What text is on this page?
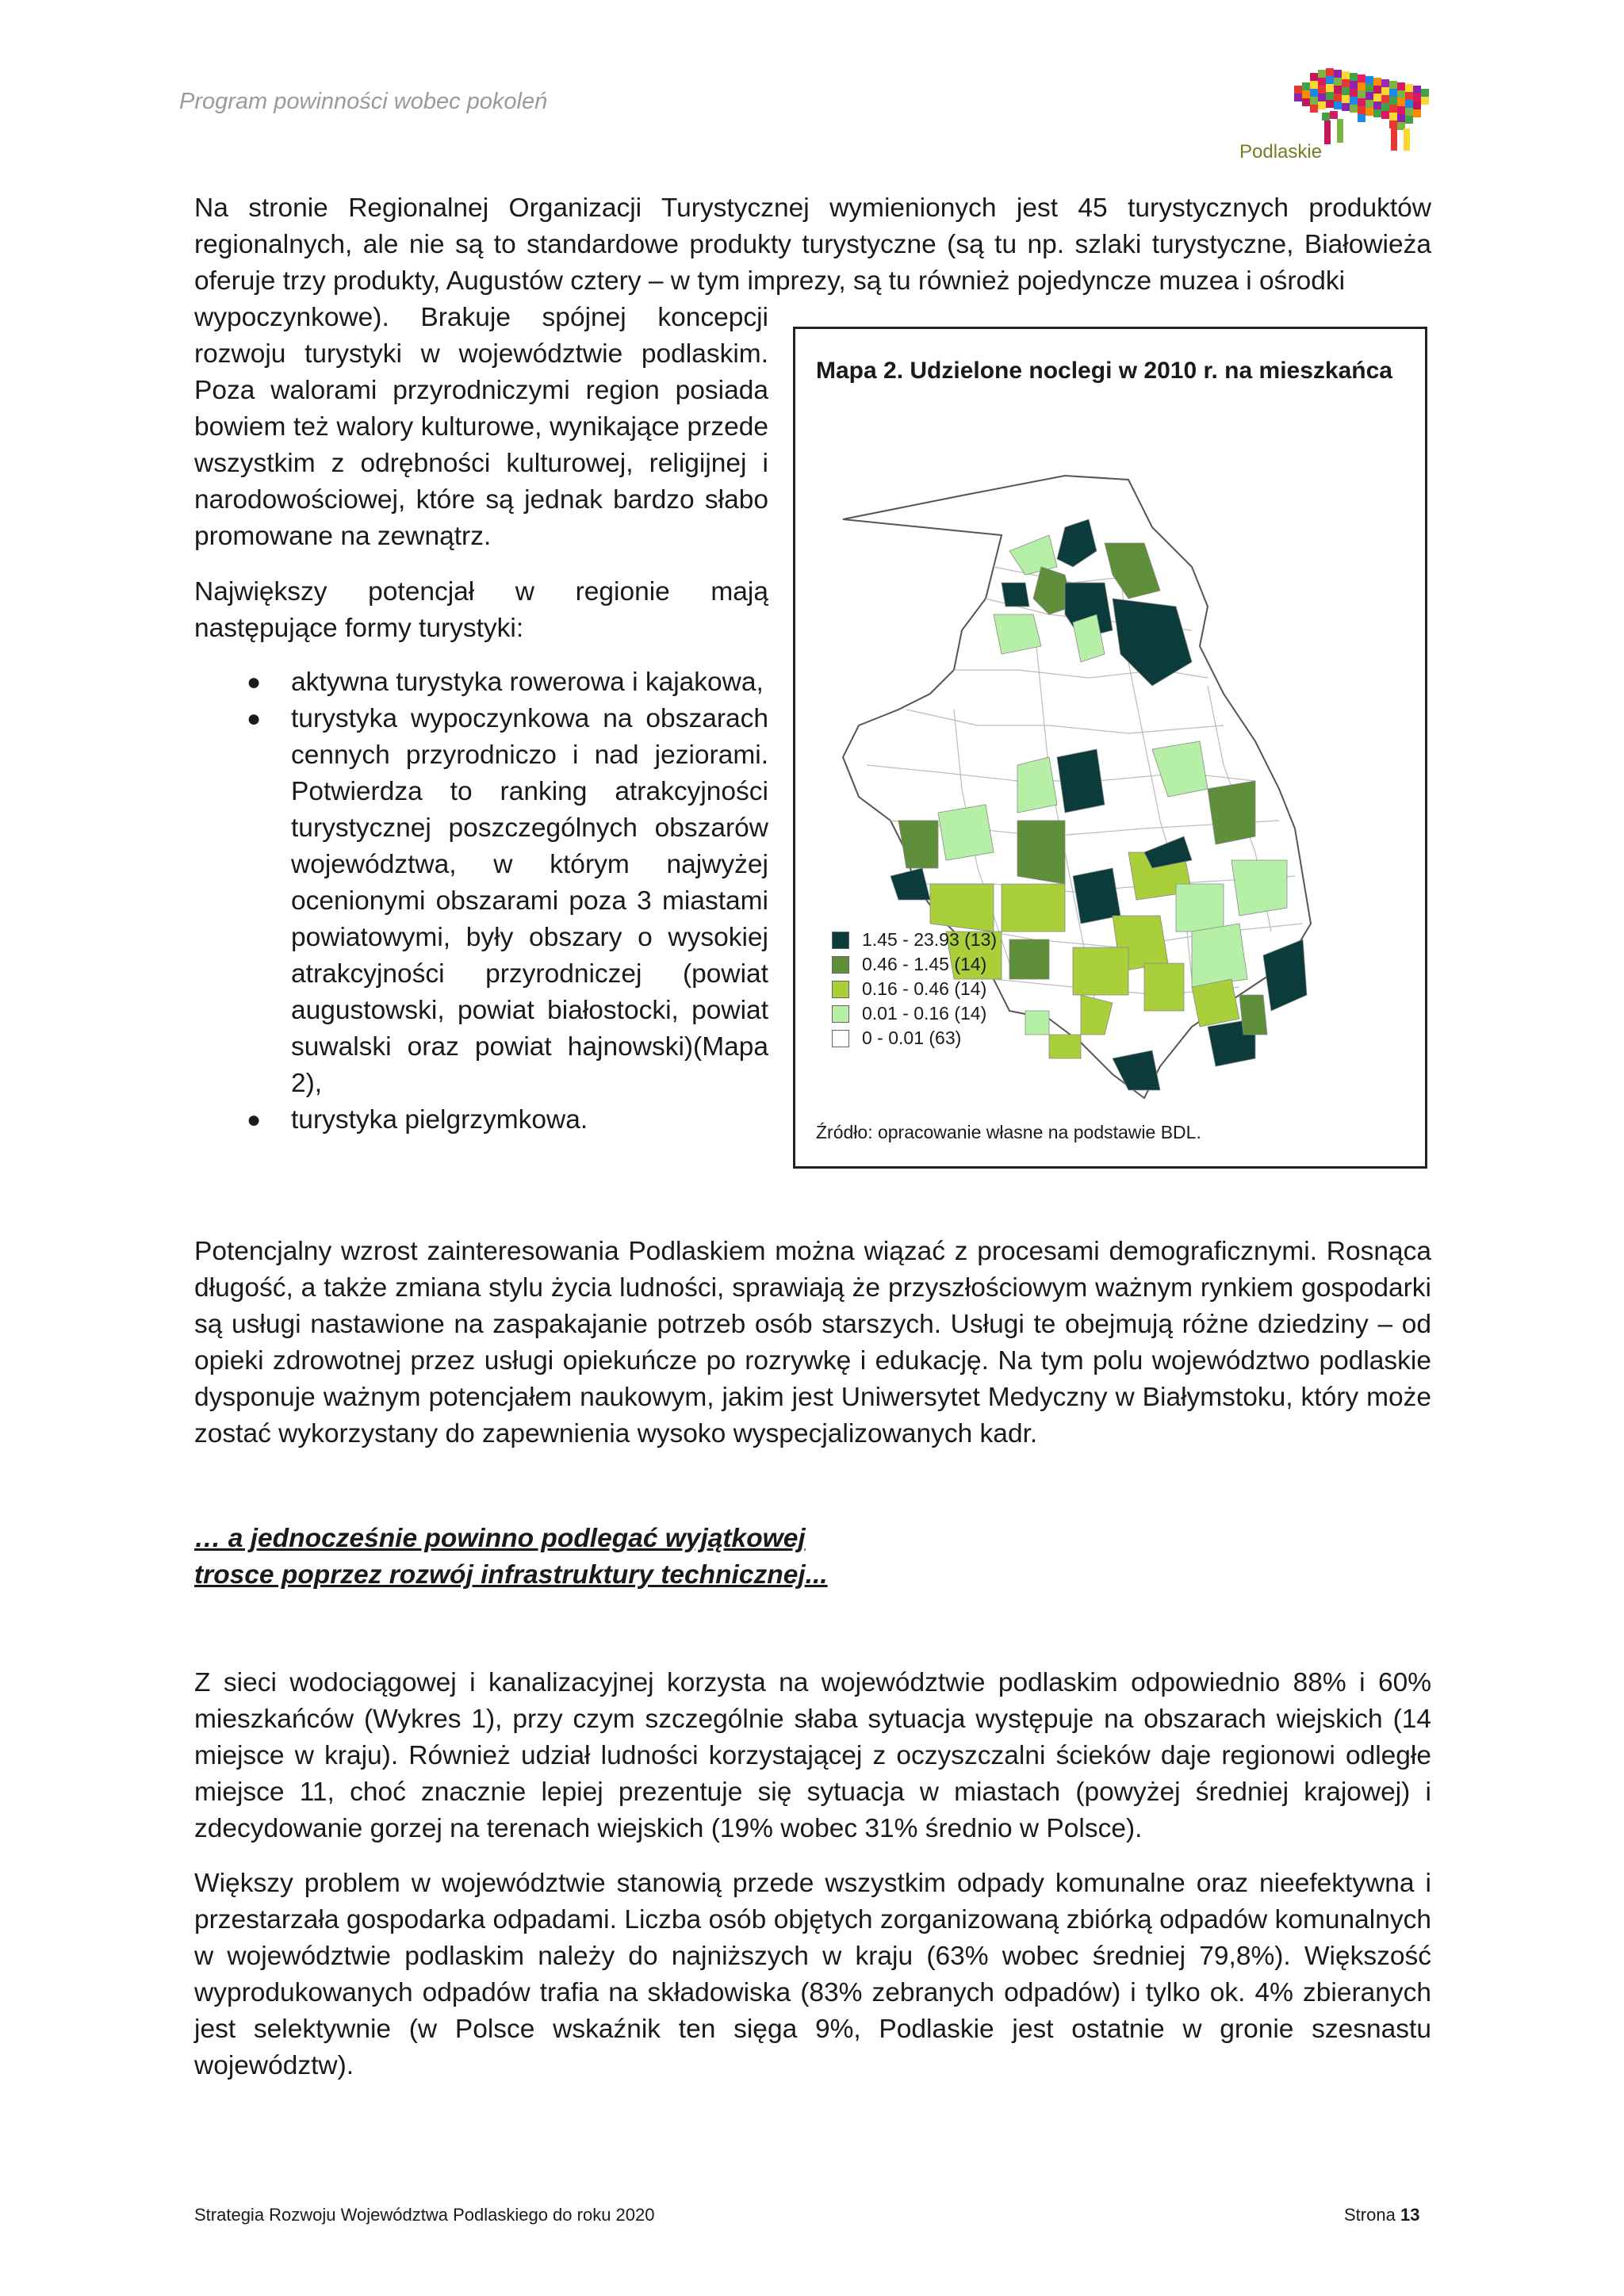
Program powinności wobec pokoleń
Podlaskie

Na stronie Regionalnej Organizacji Turystycznej wymienionych jest 45 turystycznych produktów regionalnych, ale nie są to standardowe produkty turystyczne (są tu np. szlaki turystyczne, Białowieża oferuje trzy produkty, Augustów cztery – w tym imprezy, są tu również pojedyncze muzea i ośrodki

wypoczynkowe). Brakuje spójnej koncepcji rozwoju turystyki w województwie podlaskim. Poza walorami przyrodniczymi region posiada bowiem też walory kulturowe, wynikające przede wszystkim z odrębności kulturowej, religijnej i narodowościowej, które są jednak bardzo słabo promowane na zewnątrz.

Największy potencjał w regionie mają następujące formy turystyki:

● aktywna turystyka rowerowa i kajakowa,
● turystyka wypoczynkowa na obszarach cennych przyrodniczo i nad jeziorami. Potwierdza to ranking atrakcyjności turystycznej poszczególnych obszarów województwa, w którym najwyżej ocenionymi obszarami poza 3 miastami powiatowymi, były obszary o wysokiej atrakcyjności przyrodniczej (powiat augustowski, powiat białostocki, powiat suwalski oraz powiat hajnowski)(Mapa 2),
● turystyka pielgrzymkowa.
Mapa 2. Udzielone noclegi w 2010 r. na mieszkańca
1.45 - 23.93 (13)
0.46 - 1.45 (14)
0.16 - 0.46 (14)
0.01 - 0.16 (14)
0 - 0.01 (63)
Źródło: opracowanie własne na podstawie BDL.

Potencjalny wzrost zainteresowania Podlaskiem można wiązać z procesami demograficznymi. Rosnąca długość, a także zmiana stylu życia ludności, sprawiają że przyszłościowym ważnym rynkiem gospodarki są usługi nastawione na zaspakajanie potrzeb osób starszych. Usługi te obejmują różne dziedziny – od opieki zdrowotnej przez usługi opiekuńcze po rozrywkę i edukację. Na tym polu województwo podlaskie dysponuje ważnym potencjałem naukowym, jakim jest Uniwersytet Medyczny w Białymstoku, który może zostać wykorzystany do zapewnienia wysoko wyspecjalizowanych kadr.

… a jednocześnie powinno podlegać wyjątkowej trosce poprzez rozwój infrastruktury technicznej...

Z sieci wodociągowej i kanalizacyjnej korzysta na województwie podlaskim odpowiednio 88% i 60% mieszkańców (Wykres 1), przy czym szczególnie słaba sytuacja występuje na obszarach wiejskich (14 miejsce w kraju). Również udział ludności korzystającej z oczyszczalni ścieków daje regionowi odległe miejsce 11, choć znacznie lepiej prezentuje się sytuacja w miastach (powyżej średniej krajowej) i zdecydowanie gorzej na terenach wiejskich (19% wobec 31% średnio w Polsce).

Większy problem w województwie stanowią przede wszystkim odpady komunalne oraz nieefektywna i przestarzała gospodarka odpadami. Liczba osób objętych zorganizowaną zbiórką odpadów komunalnych w województwie podlaskim należy do najniższych w kraju (63% wobec średniej 79,8%). Większość wyprodukowanych odpadów trafia na składowiska (83% zebranych odpadów) i tylko ok. 4% zbieranych jest selektywnie (w Polsce wskaźnik ten sięga 9%, Podlaskie jest ostatnie w gronie szesnastu województw).

Strategia Rozwoju Województwa Podlaskiego do roku 2020	Strona 13
